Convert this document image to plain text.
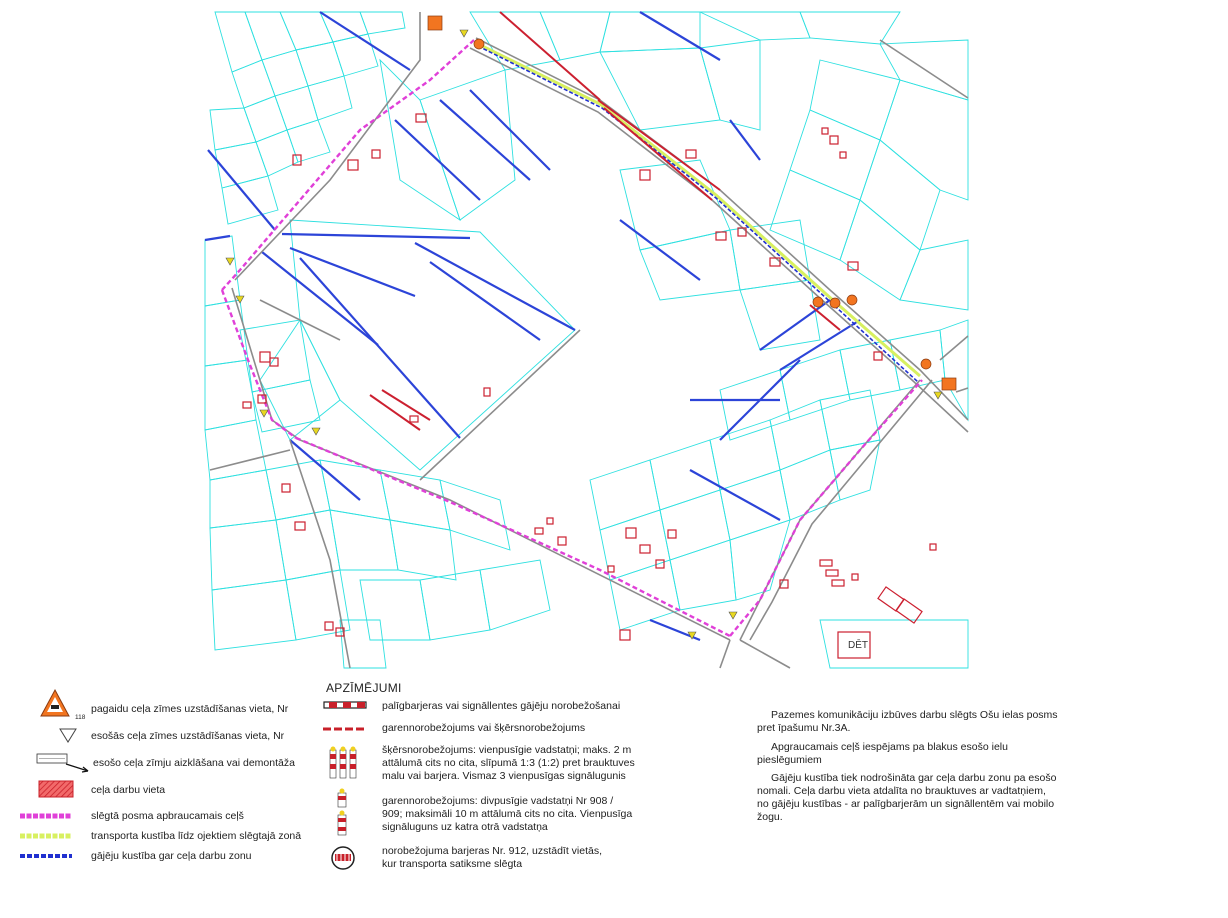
DĒT
APZĪMĒJUMI
118
pagaidu ceļa zīmes uzstādīšanas vieta, Nr
esošās ceļa zīmes uzstādīšanas vieta, Nr
esošo ceļa zīmju aizklāšana vai demontāža
ceļa darbu vieta
slēgtā posma apbraucamais ceļš
transporta kustība līdz ojektiem slēgtajā zonā
gājēju kustība gar ceļa darbu zonu
palīgbarjeras vai signāllentes gājēju norobežošanai
garennorobežojums vai šķērsnorobežojums
šķērsnorobežojums: vienpusīgie vadstatņi; maks. 2 m
attālumā cits no cita, slīpumā 1:3 (1:2) pret brauktuves
malu vai barjera. Vismaz 3 vienpusīgas signālugunis
garennorobežojums: divpusīgie vadstatņi Nr 908 /
909; maksimāli 10 m attālumā cits no cita. Vienpusīga
signāluguns uz katra otrā vadstatņa
norobežojuma barjeras Nr. 912, uzstādīt vietās,
kur transporta satiksme slēgta
Pazemes komunikāciju izbūves darbu slēgts Ošu ielas posms
pret īpašumu Nr.3A.
Apgraucamais ceļš iespējams pa blakus esošo ielu
pieslēgumiem
Gājēju kustība tiek nodrošināta gar ceļa darbu zonu pa esošo
nomali. Ceļa darbu vieta atdalīta no brauktuves ar vadtatņiem,
no gājēju kustības - ar palīgbarjerām un signāllentēm vai mobilo
žogu.
